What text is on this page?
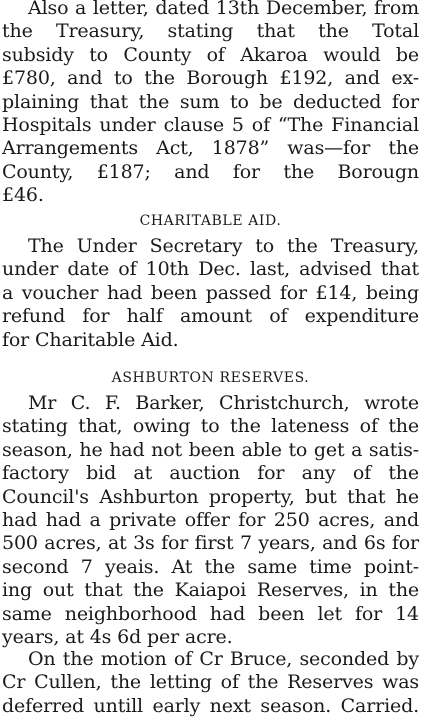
Also a letter, dated 13th December, from
the Treasury, stating that the Total
subsidy to County of Akaroa would be
£780, and to the Borough £192, and ex-
plaining that the sum to be deducted for
Hospitals under clause 5 of “The Financial
Arrangements Act, 1878” was—for the
County, £187; and for the Borougn
£46.
CHARITABLE AID.
The Under Secretary to the Treasury,
under date of 10th Dec. last, advised that
a voucher had been passed for £14, being
refund for half amount of expenditure
for Charitable Aid.
ASHBURTON RESERVES.
Mr C. F. Barker, Christchurch, wrote
stating that, owing to the lateness of the
season, he had not been able to get a satis-
factory bid at auction for any of the
Council's Ashburton property, but that he
had had a private offer for 250 acres, and
500 acres, at 3s for first 7 years, and 6s for
second 7 yeais. At the same time point-
ing out that the Kaiapoi Reserves, in the
same neighborhood had been let for 14
years, at 4s 6d per acre.
On the motion of Cr Bruce, seconded by
Cr Cullen, the letting of the Reserves was
deferred untill early next season. Carried.
